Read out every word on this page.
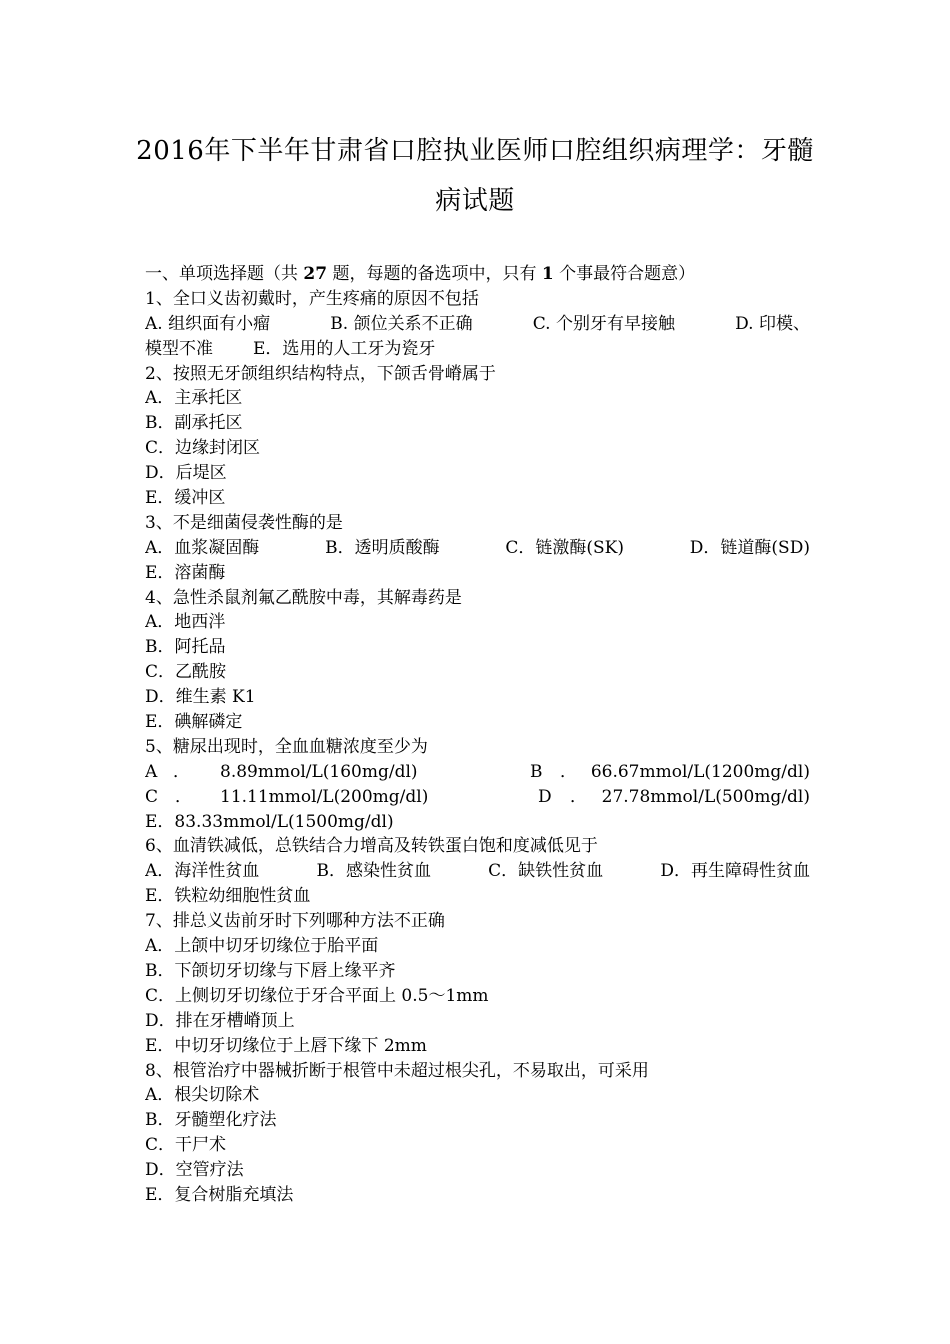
2016年下半年甘肃省口腔执业医师口腔组织病理学：牙髓
病试题
一、单项选择题（共 27 题，每题的备选项中，只有 1 个事最符合题意）
1、全口义齿初戴时，产生疼痛的原因不包括
A. 组织面有小瘤	B. 颌位关系不正确	C. 个别牙有早接触	D. 印模、
模型不准 E．选用的人工牙为瓷牙
2、按照无牙颌组织结构特点，下颌舌骨嵴属于
A．主承托区
B．副承托区
C．边缘封闭区
D．后堤区
E．缓冲区
3、不是细菌侵袭性酶的是
A．血浆凝固酶	B．透明质酸酶	C．链激酶(SK)	D．链道酶(SD)
E．溶菌酶
4、急性杀鼠剂氟乙酰胺中毒，其解毒药是
A．地西泮
B．阿托品
C．乙酰胺
D．维生素 K1
E．碘解磷定
5、糖尿出现时，全血血糖浓度至少为
A ． 8.89mmol/L(160mg/dl)	B ． 66.67mmol/L(1200mg/dl)
C ． 11.11mmol/L(200mg/dl)	D ． 27.78mmol/L(500mg/dl)
E．83.33mmol/L(1500mg/dl)
6、血清铁减低，总铁结合力增高及转铁蛋白饱和度减低见于
A．海洋性贫血	B．感染性贫血	C．缺铁性贫血	D．再生障碍性贫血
E．铁粒幼细胞性贫血
7、排总义齿前牙时下列哪种方法不正确
A．上颌中切牙切缘位于胎平面
B．下颌切牙切缘与下唇上缘平齐
C．上侧切牙切缘位于牙合平面上 0.5～1mm
D．排在牙槽嵴顶上
E．中切牙切缘位于上唇下缘下 2mm
8、根管治疗中器械折断于根管中未超过根尖孔，不易取出，可采用
A．根尖切除术
B．牙髓塑化疗法
C．干尸术
D．空管疗法
E．复合树脂充填法
